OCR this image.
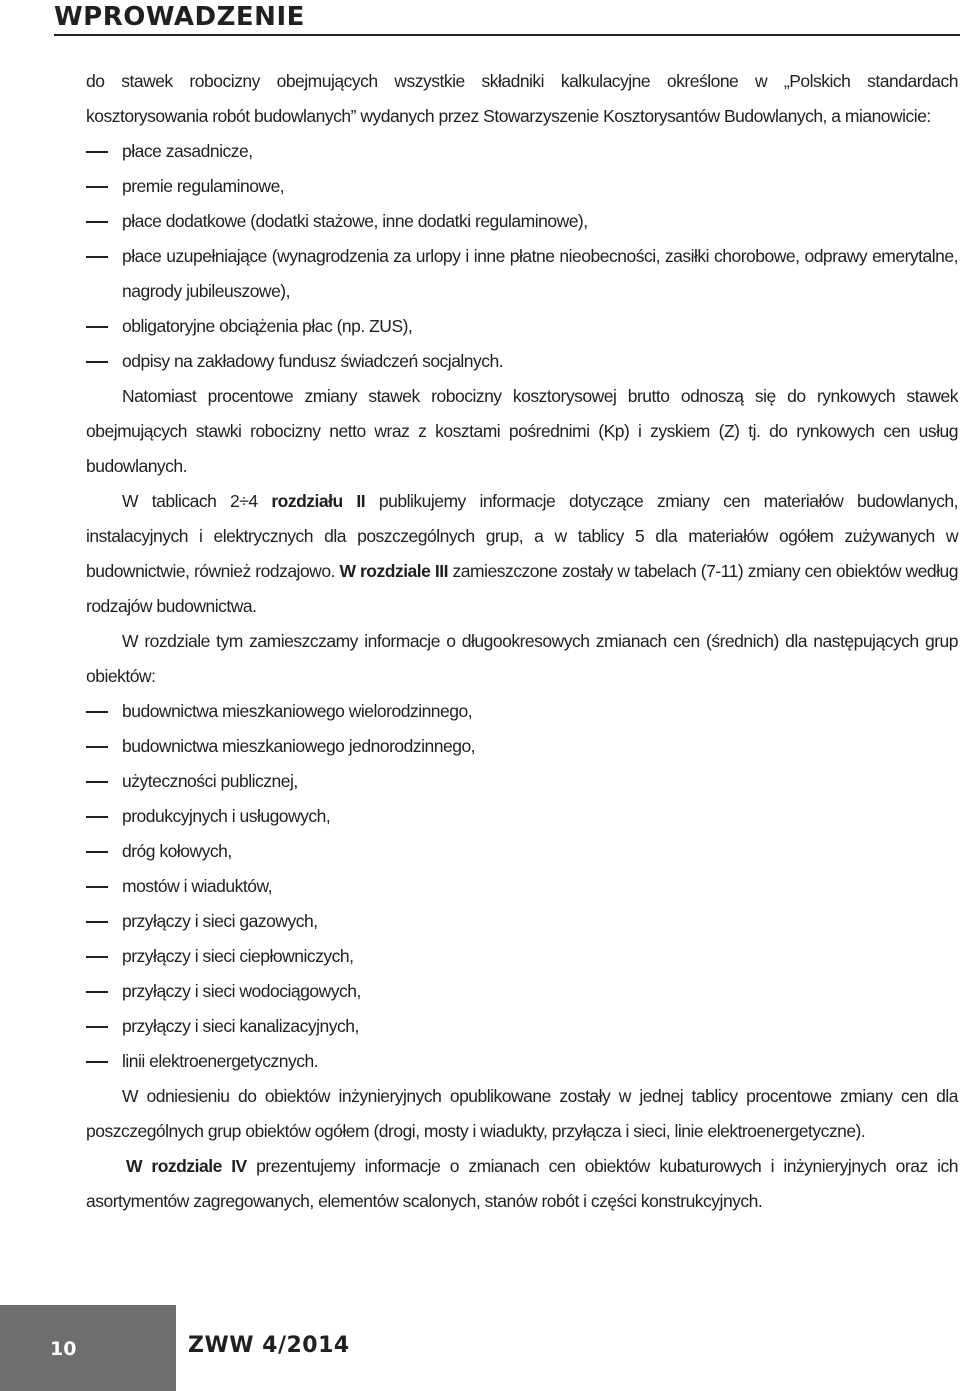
WPROWADZENIE

do stawek robocizny obejmujących wszystkie składniki kalkulacyjne określone w „Polskich standardach kosztorysowania robót budowlanych” wydanych przez Stowarzyszenie Kosztorysantów Budowlanych, a mianowicie:

płace zasadnicze,
premie regulaminowe,
płace dodatkowe (dodatki stażowe, inne dodatki regulaminowe),
płace uzupełniające (wynagrodzenia za urlopy i inne płatne nieobecności, zasiłki chorobowe, odprawy emerytalne, nagrody jubileuszowe),
obligatoryjne obciążenia płac (np. ZUS),
odpisy na zakładowy fundusz świadczeń socjalnych.

Natomiast procentowe zmiany stawek robocizny kosztorysowej brutto odnoszą się do rynkowych stawek obejmujących stawki robocizny netto wraz z kosztami pośrednimi (Kp) i zyskiem (Z) tj. do rynkowych cen usług budowlanych.

W tablicach 2÷4 rozdziału II publikujemy informacje dotyczące zmiany cen materiałów budowlanych, instalacyjnych i elektrycznych dla poszczególnych grup, a w tablicy 5 dla materiałów ogółem zużywanych w budownictwie, również rodzajowo. W rozdziale III zamieszczone zostały w tabelach (7-11) zmiany cen obiektów według rodzajów budownictwa.

W rozdziale tym zamieszczamy informacje o długookresowych zmianach cen (średnich) dla następujących grup obiektów:

budownictwa mieszkaniowego wielorodzinnego,
budownictwa mieszkaniowego jednorodzinnego,
użyteczności publicznej,
produkcyjnych i usługowych,
dróg kołowych,
mostów i wiaduktów,
przyłączy i sieci gazowych,
przyłączy i sieci ciepłowniczych,
przyłączy i sieci wodociągowych,
przyłączy i sieci kanalizacyjnych,
linii elektroenergetycznych.

W odniesieniu do obiektów inżynieryjnych opublikowane zostały w jednej tablicy procentowe zmiany cen dla poszczególnych grup obiektów ogółem (drogi, mosty i wiadukty, przyłącza i sieci, linie elektroenergetyczne).

W rozdziale IV prezentujemy informacje o zmianach cen obiektów kubaturowych i inżynieryjnych oraz ich asortymentów zagregowanych, elementów scalonych, stanów robót i części konstrukcyjnych.

10	ZWW 4/2014
